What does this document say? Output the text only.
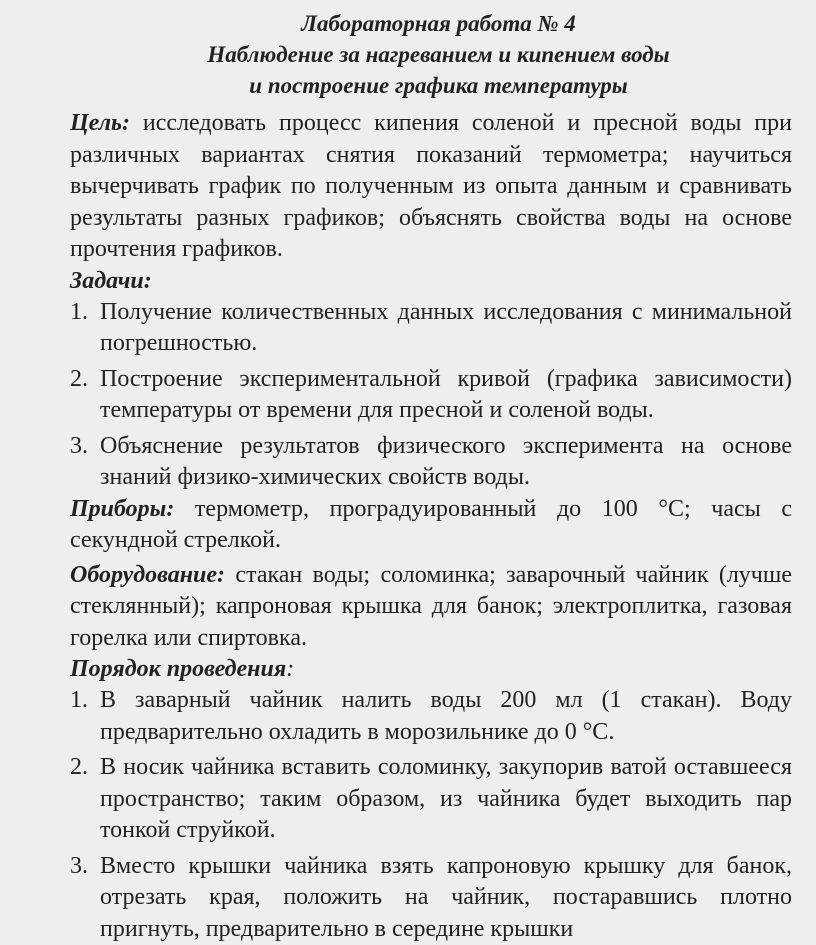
Лабораторная работа № 4
Наблюдение за нагреванием и кипением воды
и построение графика температуры

Цель: исследовать процесс кипения соленой и пресной воды при различных вариантах снятия показаний термометра; научиться вычерчивать график по полученным из опыта данным и сравнивать результаты разных графиков; объяснять свойства воды на основе прочтения графиков.

Задачи:

1. Получение количественных данных исследования с минимальной погрешностью.
2. Построение экспериментальной кривой (графика зависимости) температуры от времени для пресной и соленой воды.
3. Объяснение результатов физического эксперимента на основе знаний физико-химических свойств воды.

Приборы: термометр, проградуированный до 100 °C; часы с секундной стрелкой.

Оборудование: стакан воды; соломинка; заварочный чайник (лучше стеклянный); капроновая крышка для банок; электроплитка, газовая горелка или спиртовка.

Порядок проведения:

1. В заварный чайник налить воды 200 мл (1 стакан). Воду предварительно охладить в морозильнике до 0 °C.
2. В носик чайника вставить соломинку, закупорив ватой оставшееся пространство; таким образом, из чайника будет выходить пар тонкой струйкой.
3. Вместо крышки чайника взять капроновую крышку для банок, отрезать края, положить на чайник, постаравшись плотно пригнуть, предварительно в середине крышки
